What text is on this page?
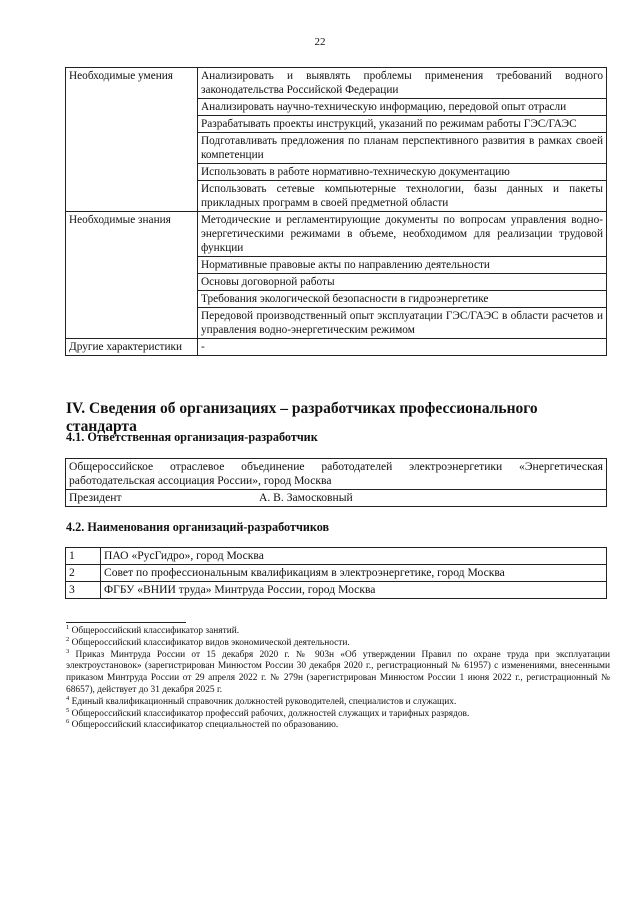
22
Необходимые умения	Анализировать и выявлять проблемы применения требований водного законодательства Российской Федерации
	Анализировать научно-техническую информацию, передовой опыт отрасли
	Разрабатывать проекты инструкций, указаний по режимам работы ГЭС/ГАЭС
	Подготавливать предложения по планам перспективного развития в рамках своей компетенции
	Использовать в работе нормативно-техническую документацию
	Использовать сетевые компьютерные технологии, базы данных и пакеты прикладных программ в своей предметной области
Необходимые знания	Методические и регламентирующие документы по вопросам управления водно-энергетическими режимами в объеме, необходимом для реализации трудовой функции
	Нормативные правовые акты по направлению деятельности
	Основы договорной работы
	Требования экологической безопасности в гидроэнергетике
	Передовой производственный опыт эксплуатации ГЭС/ГАЭС в области расчетов и управления водно-энергетическим режимом
Другие характеристики	-
IV. Сведения об организациях – разработчиках профессионального стандарта
4.1. Ответственная организация-разработчик
Общероссийское отраслевое объединение работодателей электроэнергетики «Энергетическая работодательская ассоциация России», город Москва

Президент	А. В. Замосковный
4.2. Наименования организаций-разработчиков
1	ПАО «РусГидро», город Москва
2	Совет по профессиональным квалификациям в электроэнергетике, город Москва
3	ФГБУ «ВНИИ труда» Минтруда России, город Москва

$^1$ Общероссийский классификатор занятий.

$^2$ Общероссийский классификатор видов экономической деятельности.

$^3$ Приказ Минтруда России от 15 декабря 2020 г. № 903н «Об утверждении Правил по охране труда при эксплуатации электроустановок» (зарегистрирован Минюстом России 30 декабря 2020 г., регистрационный № 61957) с изменениями, внесенными приказом Минтруда России от 29 апреля 2022 г. № 279н (зарегистрирован Минюстом России 1 июня 2022 г., регистрационный № 68657), действует до 31 декабря 2025 г.

$^4$ Единый квалификационный справочник должностей руководителей, специалистов и служащих.

$^5$ Общероссийский классификатор профессий рабочих, должностей служащих и тарифных разрядов.

$^6$ Общероссийский классификатор специальностей по образованию.
